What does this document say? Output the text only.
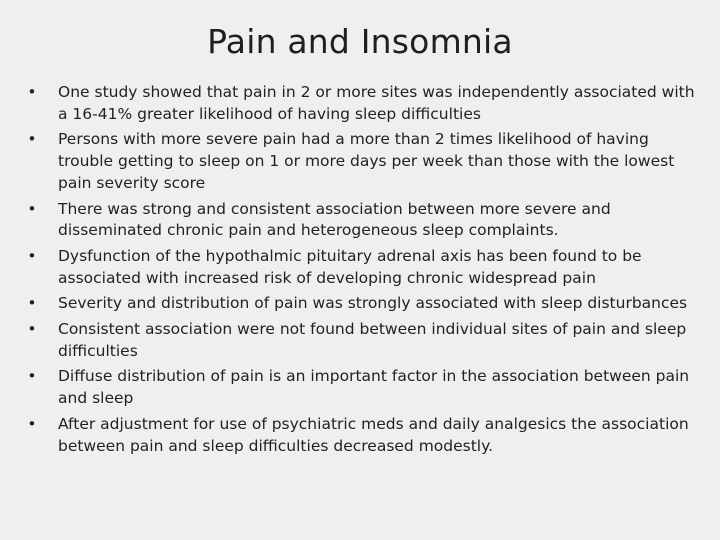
Pain and Insomnia
• One study showed that pain in 2 or more sites was independently associated with a 16-41% greater likelihood of having sleep difficulties
• Persons with more severe pain had a more than 2 times likelihood of having trouble getting to sleep on 1 or more days per week than those with the lowest pain severity score
• There was strong and consistent association between more severe and disseminated chronic pain and heterogeneous sleep complaints.
• Dysfunction of the hypothalmic pituitary adrenal axis has been found to be associated with increased risk of developing chronic widespread pain
• Severity and distribution of pain was strongly associated with sleep disturbances
• Consistent association were not found between individual sites of pain and sleep difficulties
• Diffuse distribution of pain is an important factor in the association between pain and sleep
• After adjustment for use of psychiatric meds and daily analgesics the association between pain and sleep difficulties decreased modestly.
